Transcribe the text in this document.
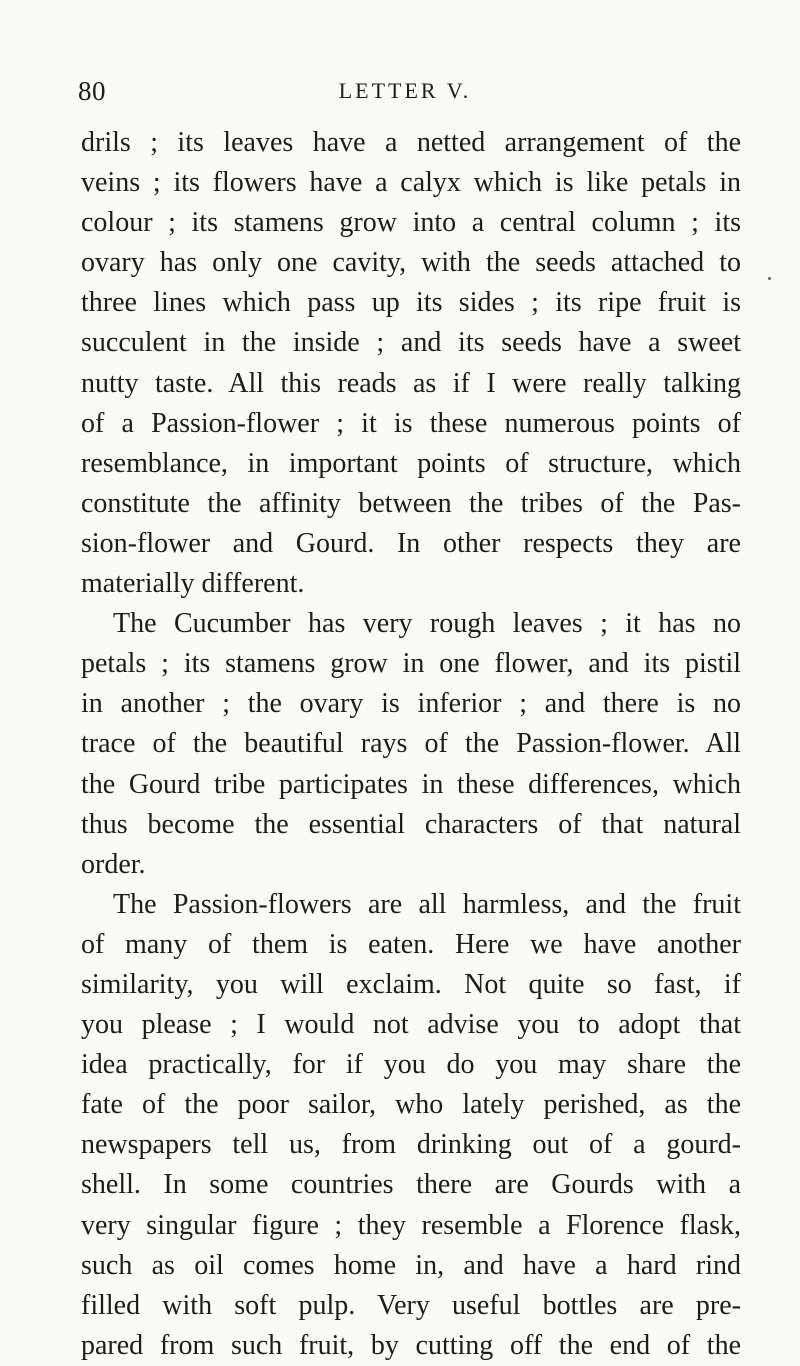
80	LETTER V.
drils ; its leaves have a netted arrangement of the
veins ; its flowers have a calyx which is like petals in
colour ; its stamens grow into a central column ; its
ovary has only one cavity, with the seeds attached to
three lines which pass up its sides ; its ripe fruit is
succulent in the inside ; and its seeds have a sweet
nutty taste. All this reads as if I were really talking
of a Passion-flower ; it is these numerous points of
resemblance, in important points of structure, which
constitute the affinity between the tribes of the Pas-
sion-flower and Gourd. In other respects they are
materially different.
The Cucumber has very rough leaves ; it has no
petals ; its stamens grow in one flower, and its pistil
in another ; the ovary is inferior ; and there is no
trace of the beautiful rays of the Passion-flower. All
the Gourd tribe participates in these differences, which
thus become the essential characters of that natural
order.
The Passion-flowers are all harmless, and the fruit
of many of them is eaten. Here we have another
similarity, you will exclaim. Not quite so fast, if
you please ; I would not advise you to adopt that
idea practically, for if you do you may share the
fate of the poor sailor, who lately perished, as the
newspapers tell us, from drinking out of a gourd-
shell. In some countries there are Gourds with a
very singular figure ; they resemble a Florence flask,
such as oil comes home in, and have a hard rind
filled with soft pulp. Very useful bottles are pre-
pared from such fruit, by cutting off the end of the
